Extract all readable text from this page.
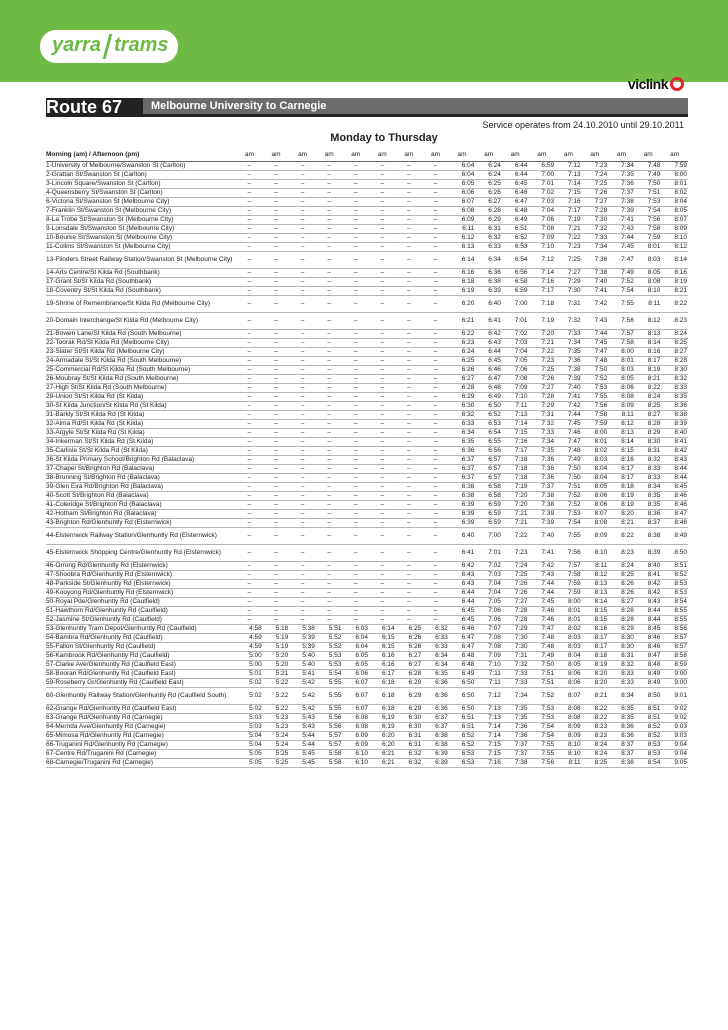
yarra trams
viclink
Route 67	Melbourne University to Carnegie
Service operates from 24.10.2010 until 29.10.2011
Monday to Thursday
Morning (am) / Afternoon (pm)	am	am	am	am	am	am	am	am	am	am	am	am	am	am	am	am	am
1-University of Melbourne/Swanston St (Carlton)	–	–	–	–	–	–	–	–	6:04	6:24	6:44	6:59	7:12	7:23	7:34	7:48	7:59
2-Grattan St/Swanston St (Carlton)	–	–	–	–	–	–	–	–	6:04	6:24	6:44	7:00	7:13	7:24	7:35	7:49	8:00
3-Lincoln Square/Swanston St (Carlton)	–	–	–	–	–	–	–	–	6:05	6:25	6:45	7:01	7:14	7:25	7:36	7:50	8:01
4-Queensberry St/Swanston St (Carlton)	–	–	–	–	–	–	–	–	6:06	6:26	6:46	7:02	7:15	7:26	7:37	7:51	8:02
6-Victoria St/Swanston St (Melbourne City)	–	–	–	–	–	–	–	–	6:07	6:27	6:47	7:03	7:16	7:27	7:38	7:53	8:04
7-Franklin St/Swanston St (Melbourne City)	–	–	–	–	–	–	–	–	6:08	6:28	6:48	7:04	7:17	7:28	7:39	7:54	8:05
8-La Trobe St/Swanston St (Melbourne City)	–	–	–	–	–	–	–	–	6:09	6:29	6:49	7:06	7:19	7:30	7:41	7:56	8:07
9-Lonsdale St/Swanston St (Melbourne City)	–	–	–	–	–	–	–	–	6:11	6:31	6:51	7:08	7:21	7:32	7:43	7:58	8:09
10-Bourke St/Swanston St (Melbourne City)	–	–	–	–	–	–	–	–	6:12	6:32	6:52	7:09	7:22	7:33	7:44	7:59	8:10
11-Collins St/Swanston St (Melbourne City)	–	–	–	–	–	–	–	–	6:13	6:33	6:53	7:10	7:23	7:34	7:45	8:01	8:12
13-Flinders Street Railway Station/Swanston St (Melbourne City)	–	–	–	–	–	–	–	–	6:14	6:34	6:54	7:12	7:25	7:36	7:47	8:03	8:14
14-Arts Centre/St Kilda Rd (Southbank)	–	–	–	–	–	–	–	–	6:16	6:36	6:56	7:14	7:27	7:38	7:49	8:05	8:16
17-Grant St/St Kilda Rd (Southbank)	–	–	–	–	–	–	–	–	6:18	6:38	6:58	7:16	7:29	7:40	7:52	8:08	8:19
18-Coventry St/St Kilda Rd (Southbank)	–	–	–	–	–	–	–	–	6:19	6:39	6:59	7:17	7:30	7:41	7:54	8:10	8:21
19-Shrine of Remembrance/St Kilda Rd (Melbourne City)	–	–	–	–	–	–	–	–	6:20	6:40	7:00	7:18	7:31	7:42	7:55	8:11	8:22
20-Domain Interchange/St Kilda Rd (Melbourne City)	–	–	–	–	–	–	–	–	6:21	6:41	7:01	7:19	7:32	7:43	7:56	8:12	8:23
21-Bowen Lane/St Kilda Rd (South Melbourne)	–	–	–	–	–	–	–	–	6:22	6:42	7:02	7:20	7:33	7:44	7:57	8:13	8:24
22-Toorak Rd/St Kilda Rd (Melbourne City)	–	–	–	–	–	–	–	–	6:23	6:43	7:03	7:21	7:34	7:45	7:58	8:14	8:25
23-Slater St/St Kilda Rd (Melbourne City)	–	–	–	–	–	–	–	–	6:24	6:44	7:04	7:22	7:35	7:47	8:00	8:16	8:27
24-Armadale St/St Kilda Rd (South Melbourne)	–	–	–	–	–	–	–	–	6:25	6:45	7:05	7:23	7:36	7:48	8:01	8:17	8:28
25-Commercial Rd/St Kilda Rd (South Melbourne)	–	–	–	–	–	–	–	–	6:26	6:46	7:06	7:25	7:38	7:50	8:03	8:19	8:30
26-Moubray St/St Kilda Rd (South Melbourne)	–	–	–	–	–	–	–	–	6:27	6:47	7:08	7:26	7:39	7:52	8:05	8:21	8:32
27-High St/St Kilda Rd (South Melbourne)	–	–	–	–	–	–	–	–	6:28	6:48	7:09	7:27	7:40	7:53	8:06	8:22	8:33
29-Union St/St Kilda Rd (St Kilda)	–	–	–	–	–	–	–	–	6:29	6:49	7:10	7:28	7:41	7:55	8:08	8:24	8:35
30-St Kilda Junction/St Kilda Rd (St Kilda)	–	–	–	–	–	–	–	–	6:30	6:50	7:11	7:29	7:42	7:56	8:09	8:25	8:36
31-Barkly St/St Kilda Rd (St Kilda)	–	–	–	–	–	–	–	–	6:32	6:52	7:13	7:31	7:44	7:58	8:11	8:27	8:38
32-Alma Rd/St Kilda Rd (St Kilda)	–	–	–	–	–	–	–	–	6:33	6:53	7:14	7:32	7:45	7:59	8:12	8:28	8:39
33-Argyle St/St Kilda Rd (St Kilda)	–	–	–	–	–	–	–	–	6:34	6:54	7:15	7:33	7:46	8:00	8:13	8:29	8:40
34-Inkerman St/St Kilda Rd (St Kilda)	–	–	–	–	–	–	–	–	6:35	6:55	7:16	7:34	7:47	8:01	8:14	8:30	8:41
35-Carlisle St/St Kilda Rd (St Kilda)	–	–	–	–	–	–	–	–	6:36	6:56	7:17	7:35	7:48	8:02	8:15	8:31	8:42
36-St Kilda Primary School/Brighton Rd (Balaclava)	–	–	–	–	–	–	–	–	6:37	6:57	7:18	7:36	7:49	8:03	8:16	8:32	8:43
37-Chapel St/Brighton Rd (Balaclava)	–	–	–	–	–	–	–	–	6:37	6:57	7:18	7:36	7:50	8:04	8:17	8:33	8:44
38-Brunning St/Brighton Rd (Balaclava)	–	–	–	–	–	–	–	–	6:37	6:57	7:18	7:36	7:50	8:04	8:17	8:33	8:44
39-Glen Eira Rd/Brighton Rd (Balaclava)	–	–	–	–	–	–	–	–	6:38	6:58	7:19	7:37	7:51	8:05	8:18	8:34	8:45
40-Scott St/Brighton Rd (Balaclava)	–	–	–	–	–	–	–	–	6:38	6:58	7:20	7:38	7:52	8:06	8:19	8:35	8:46
41-Coleridge St/Brighton Rd (Balaclava)	–	–	–	–	–	–	–	–	6:39	6:59	7:20	7:38	7:52	8:06	8:19	8:35	8:46
42-Hotham St/Brighton Rd (Balaclava)	–	–	–	–	–	–	–	–	6:39	6:59	7:21	7:39	7:53	8:07	8:20	8:36	8:47
43-Brighton Rd/Glenhuntly Rd (Elsternwick)	–	–	–	–	–	–	–	–	6:39	6:59	7:21	7:39	7:54	8:08	8:21	8:37	8:48
44-Elsternwick Railway Station/Glenhuntly Rd (Elsternwick)	–	–	–	–	–	–	–	–	6:40	7:00	7:22	7:40	7:55	8:09	8:22	8:38	8:49
45-Elsternwick Shopping Centre/Glenhuntly Rd (Elsternwick)	–	–	–	–	–	–	–	–	6:41	7:01	7:23	7:41	7:56	8:10	8:23	8:39	8:50
46-Orrong Rd/Glenhuntly Rd (Elsternwick)	–	–	–	–	–	–	–	–	6:42	7:02	7:24	7:42	7:57	8:11	8:24	8:40	8:51
47-Shoobra Rd/Glenhuntly Rd (Elsternwick)	–	–	–	–	–	–	–	–	6:43	7:03	7:25	7:43	7:58	8:12	8:25	8:41	8:52
48-Parkside St/Glenhuntly Rd (Elsternwick)	–	–	–	–	–	–	–	–	6:43	7:04	7:26	7:44	7:59	8:13	8:26	8:42	8:53
49-Kooyong Rd/Glenhuntly Rd (Elsternwick)	–	–	–	–	–	–	–	–	6:44	7:04	7:26	7:44	7:59	8:13	8:26	8:42	8:53
50-Royal Pde/Glenhuntly Rd (Caulfield)	–	–	–	–	–	–	–	–	6:44	7:05	7:27	7:45	8:00	8:14	8:27	8:43	8:54
51-Hawthorn Rd/Glenhuntly Rd (Caulfield)	–	–	–	–	–	–	–	–	6:45	7:06	7:28	7:46	8:01	8:15	8:28	8:44	8:55
52-Jasmine St/Glenhuntly Rd (Caulfield)	–	–	–	–	–	–	–	–	6:45	7:06	7:28	7:46	8:01	8:15	8:28	8:44	8:55
53-Glenhuntly Tram Depot/Glenhuntly Rd (Caulfield)	4:58	5:18	5:38	5:51	6:03	6:14	6:25	6:32	6:46	7:07	7:29	7:47	8:02	8:16	8:29	8:45	8:56
54-Bambra Rd/Glenhuntly Rd (Caulfield)	4:59	5:19	5:39	5:52	6:04	6:15	6:26	6:33	6:47	7:08	7:30	7:48	8:03	8:17	8:30	8:46	8:57
55-Fallon St/Glenhuntly Rd (Caulfield)	4:59	5:19	5:39	5:52	6:04	6:15	6:26	6:33	6:47	7:08	7:30	7:48	8:03	8:17	8:30	8:46	8:57
56-Kambrook Rd/Glenhuntly Rd (Caulfield)	5:00	5:20	5:40	5:53	6:05	6:16	6:27	6:34	6:48	7:09	7:31	7:49	8:04	8:18	8:31	8:47	8:58
57-Clarke Ave/Glenhuntly Rd (Caulfield East)	5:00	5:20	5:40	5:53	6:05	6:16	6:27	6:34	6:48	7:10	7:32	7:50	8:05	8:19	8:32	8:48	8:59
58-Booran Rd/Glenhuntly Rd (Caulfield East)	5:01	5:21	5:41	5:54	6:06	6:17	6:28	6:35	6:49	7:11	7:33	7:51	8:06	8:20	8:33	8:49	9:00
59-Roseberry Gr/Glenhuntly Rd (Caulfield East)	5:02	5:22	5:42	5:55	6:07	6:18	6:29	6:36	6:50	7:11	7:33	7:51	8:06	8:20	8:33	8:49	9:00
60-Glenhuntly Railway Station/Glenhuntly Rd (Caulfield South)	5:02	5:22	5:42	5:55	6:07	6:18	6:29	6:36	6:50	7:12	7:34	7:52	8:07	8:21	8:34	8:50	9:01
62-Grange Rd/Glenhuntly Rd (Caulfield East)	5:02	5:22	5:42	5:55	6:07	6:18	6:29	6:36	6:50	7:13	7:35	7:53	8:08	8:22	8:35	8:51	9:02
63-Grange Rd/Glenhuntly Rd (Carnegie)	5:03	5:23	5:43	5:56	6:08	6:19	6:30	6:37	6:51	7:13	7:35	7:53	8:08	8:22	8:35	8:51	9:02
64-Mernda Ave/Glenhuntly Rd (Carnegie)	5:03	5:23	5:43	5:56	6:08	6:19	6:30	6:37	6:51	7:14	7:36	7:54	8:09	8:23	8:36	8:52	9:03
65-Mimosa Rd/Glenhuntly Rd (Carnegie)	5:04	5:24	5:44	5:57	6:09	6:20	6:31	6:38	6:52	7:14	7:36	7:54	8:09	8:23	8:36	8:52	9:03
66-Truganini Rd/Glenhuntly Rd (Carnegie)	5:04	5:24	5:44	5:57	6:09	6:20	6:31	6:38	6:52	7:15	7:37	7:55	8:10	8:24	8:37	8:53	9:04
67-Centre Rd/Truganini Rd (Carnegie)	5:05	5:25	5:45	5:58	6:10	6:21	6:32	6:39	6:53	7:15	7:37	7:55	8:10	8:24	8:37	8:53	9:04
68-Carnegie/Truganini Rd (Carnegie)	5:05	5:25	5:45	5:58	6:10	6:21	6:32	6:39	6:53	7:16	7:38	7:56	8:11	8:25	8:38	8:54	9:05
